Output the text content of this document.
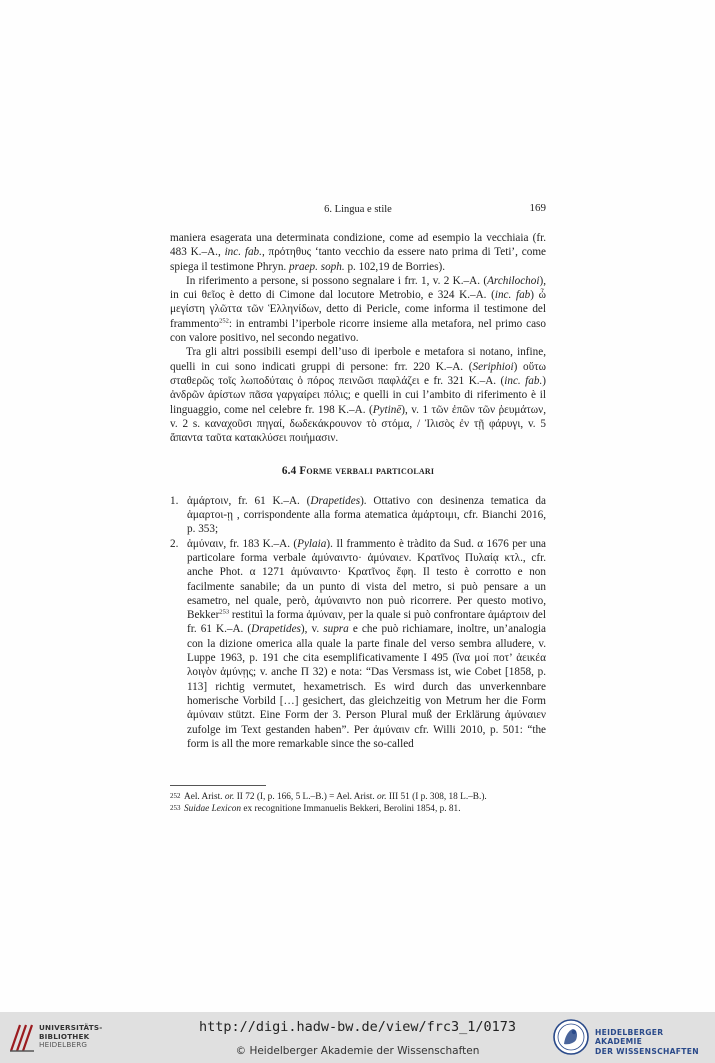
6. Lingua e stile	169

maniera esagerata una determinata condizione, come ad esempio la vecchiaia (fr. 483 K.–A., inc. fab., πρότηθυς ‘tanto vecchio da essere nato prima di Teti’, come spiega il testimone Phryn. praep. soph. p. 102,19 de Borries).

In riferimento a persone, si possono segnalare i frr. 1, v. 2 K.–A. (Archilochoi), in cui θεῖος è detto di Cimone dal locutore Metrobio, e 324 K.–A. (inc. fab) ὦ μεγίστη γλῶττα τῶν Ἑλληνίδων, detto di Pericle, come informa il testimone del frammento$^{252}$: in entrambi l’iperbole ricorre insieme alla metafora, nel primo caso con valore positivo, nel secondo negativo.

Tra gli altri possibili esempi dell’uso di iperbole e metafora si notano, infine, quelli in cui sono indicati gruppi di persone: frr. 220 K.–A. (Seriphioi) οὕτω σταθερῶς τοῖς λωποδύταις ὁ πόρος πεινῶσι παφλάζει e fr. 321 K.–A. (inc. fab.) ἀνδρῶν ἀρίστων πᾶσα γαργαίρει πόλις; e quelli in cui l’ambito di riferimento è il linguaggio, come nel celebre fr. 198 K.–A. (Pytinē), v. 1 τῶν ἐπῶν τῶν ῥευμάτων, v. 2 s. καναχοῦσι πηγαί, δωδεκάκρουνον τὸ στόμα, / Ἰλισὸς ἐν τῇ φάρυγι, v. 5 ἅπαντα ταῦτα κατακλύσει ποιήμασιν.

6.4 Forme verbali particolari
1. ἁμάρτοιν, fr. 61 K.–A. (Drapetides). Ottativo con desinenza tematica da ἁμαρτοι-ῃ , corrispondente alla forma atematica ἁμάρτοιμι, cfr. Bianchi 2016, p. 353;
2. ἀμύναιν, fr. 183 K.–A. (Pylaia). Il frammento è tràdito da Sud. α 1676 per una particolare forma verbale ἀμύναιντο· ἀμύναιεν. Κρατῖνος Πυλαίᾳ κτλ., cfr. anche Phot. α 1271 ἀμύναιντο· Κρατῖνος ἔφη. Il testo è corrotto e non facilmente sanabile; da un punto di vista del metro, si può pensare a un esametro, nel quale, però, ἀμύναιντο non può ricorrere. Per questo motivo, Bekker$^{253}$ restituì la forma ἀμύναιν, per la quale si può confrontare ἁμάρτοιν del fr. 61 K.–A. (Drapetides), v. supra e che può richiamare, inoltre, un’analogia con la dizione omerica alla quale la parte finale del verso sembra alludere, v. Luppe 1963, p. 191 che cita esemplificativamente I 495 (ἵνα μοί ποτ’ ἀεικέα λοιγὸν ἀμύνῃς; v. anche Π 32) e nota: “Das Versmass ist, wie Cobet [1858, p. 113] richtig vermutet, hexametrisch. Es wird durch das unverkennbare homerische Vorbild […] gesichert, das gleichzeitig von Metrum her die Form ἀμύναιν stützt. Eine Form der 3. Person Plural muß der Erklärung ἀμύναιεν zufolge im Text gestanden haben”. Per ἀμύναιν cfr. Willi 2010, p. 501: “the form is all the more remarkable since the so-called
252 Ael. Arist. or. II 72 (I, p. 166, 5 L.–B.) = Ael. Arist. or. III 51 (I p. 308, 18 L.–B.).
253 Suidae Lexicon ex recognitione Immanuelis Bekkeri, Berolini 1854, p. 81.
UNIVERSITÄTS-
BIBLIOTHEK
HEIDELBERG
http://digi.hadw-bw.de/view/frc3_1/0173
© Heidelberger Akademie der Wissenschaften
HEIDELBERGER AKADEMIE
DER WISSENSCHAFTEN
